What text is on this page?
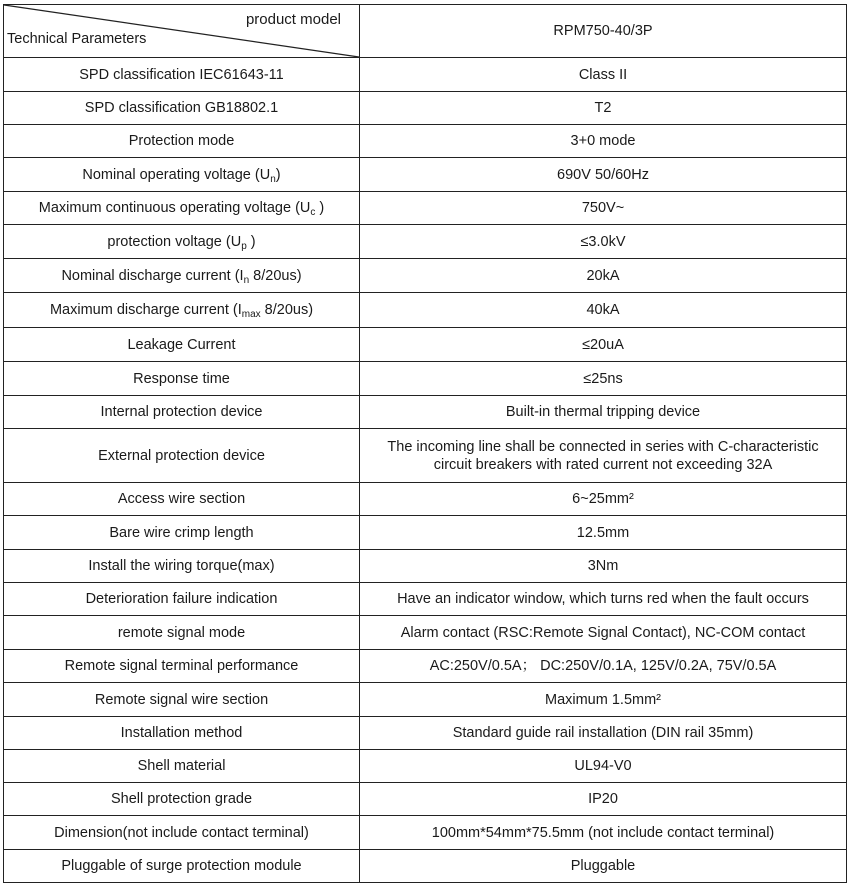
product model
Technical Parameters	RPM750-40/3P
SPD classification IEC61643-11	Class II
SPD classification GB18802.1	T2
Protection mode	3+0 mode
Nominal operating voltage $(U_n)$	690V 50/60Hz
Maximum continuous operating voltage ($U_c$ )	750V~
protection voltage ($U_p$ )	≤3.0kV
Nominal discharge current ($I_n$ 8/20us)	20kA
Maximum discharge current ($I_{max}$ 8/20us)	40kA
Leakage Current	≤20uA
Response time	≤25ns
Internal protection device	Built-in thermal tripping device
External protection device	The incoming line shall be connected in series with C-characteristic
circuit breakers with rated current not exceeding 32A
Access wire section	6~25mm²
Bare wire crimp length	12.5mm
Install the wiring torque(max)	3Nm
Deterioration failure indication	Have an indicator window, which turns red when the fault occurs
remote signal mode	Alarm contact (RSC:Remote Signal Contact), NC-COM contact
Remote signal terminal performance	AC:250V/0.5A； DC:250V/0.1A, 125V/0.2A, 75V/0.5A
Remote signal wire section	Maximum 1.5mm²
Installation method	Standard guide rail installation (DIN rail 35mm)
Shell material	UL94-V0
Shell protection grade	IP20
Dimension(not include contact terminal)	100mm*54mm*75.5mm (not include contact terminal)
Pluggable of surge protection module	Pluggable
